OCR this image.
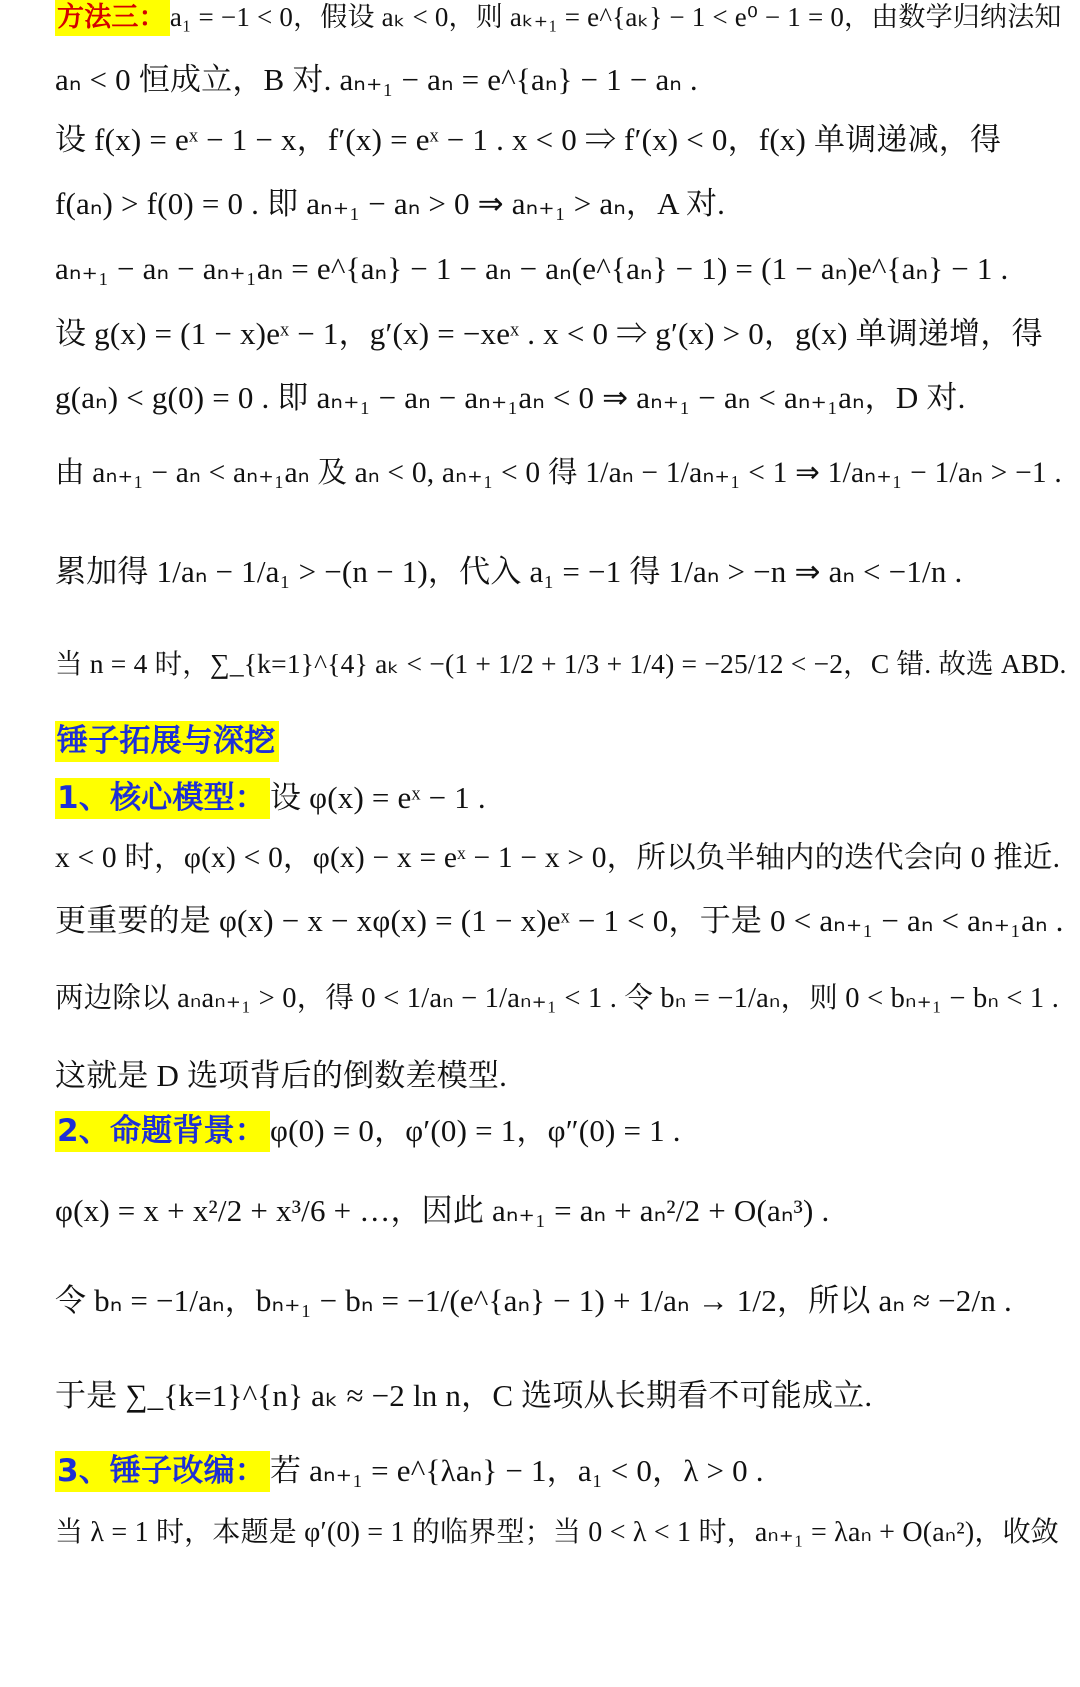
方法三： a₁ = −1 < 0，假设 aₖ < 0，则 aₖ₊₁ = e^{aₖ} − 1 < e⁰ − 1 = 0，由数学归纳法知
aₙ < 0 恒成立，B 对. aₙ₊₁ − aₙ = e^{aₙ} − 1 − aₙ .
设 f(x) = eˣ − 1 − x，f′(x) = eˣ − 1 . x < 0 ⇒ f′(x) < 0，f(x) 单调递减，得
f(aₙ) > f(0) = 0 . 即 aₙ₊₁ − aₙ > 0 ⇒ aₙ₊₁ > aₙ，A 对.
aₙ₊₁ − aₙ − aₙ₊₁aₙ = e^{aₙ} − 1 − aₙ − aₙ(e^{aₙ} − 1) = (1 − aₙ)e^{aₙ} − 1 .
设 g(x) = (1 − x)eˣ − 1，g′(x) = −xeˣ . x < 0 ⇒ g′(x) > 0，g(x) 单调递增，得
g(aₙ) < g(0) = 0 . 即 aₙ₊₁ − aₙ − aₙ₊₁aₙ < 0 ⇒ aₙ₊₁ − aₙ < aₙ₊₁aₙ，D 对.
由 aₙ₊₁ − aₙ < aₙ₊₁aₙ 及 aₙ < 0, aₙ₊₁ < 0 得 1/aₙ − 1/aₙ₊₁ < 1 ⇒ 1/aₙ₊₁ − 1/aₙ > −1 .
累加得 1/aₙ − 1/a₁ > −(n − 1)，代入 a₁ = −1 得 1/aₙ > −n ⇒ aₙ < −1/n .
当 n = 4 时，∑_{k=1}^{4} aₖ < −(1 + 1/2 + 1/3 + 1/4) = −25/12 < −2，C 错. 故选 ABD.
锤子拓展与深挖
1、核心模型： 设 φ(x) = eˣ − 1 .
x < 0 时，φ(x) < 0，φ(x) − x = eˣ − 1 − x > 0，所以负半轴内的迭代会向 0 推近.
更重要的是 φ(x) − x − xφ(x) = (1 − x)eˣ − 1 < 0，于是 0 < aₙ₊₁ − aₙ < aₙ₊₁aₙ .
两边除以 aₙaₙ₊₁ > 0，得 0 < 1/aₙ − 1/aₙ₊₁ < 1 . 令 bₙ = −1/aₙ，则 0 < bₙ₊₁ − bₙ < 1 .
这就是 D 选项背后的倒数差模型.
2、命题背景： φ(0) = 0，φ′(0) = 1，φ″(0) = 1 .
φ(x) = x + x²/2 + x³/6 + …，因此 aₙ₊₁ = aₙ + aₙ²/2 + O(aₙ³) .
令 bₙ = −1/aₙ，bₙ₊₁ − bₙ = −1/(e^{aₙ} − 1) + 1/aₙ → 1/2，所以 aₙ ≈ −2/n .
于是 ∑_{k=1}^{n} aₖ ≈ −2 ln n，C 选项从长期看不可能成立.
3、锤子改编： 若 aₙ₊₁ = e^{λaₙ} − 1，a₁ < 0，λ > 0 .
当 λ = 1 时，本题是 φ′(0) = 1 的临界型；当 0 < λ < 1 时，aₙ₊₁ = λaₙ + O(aₙ²)，收敛
